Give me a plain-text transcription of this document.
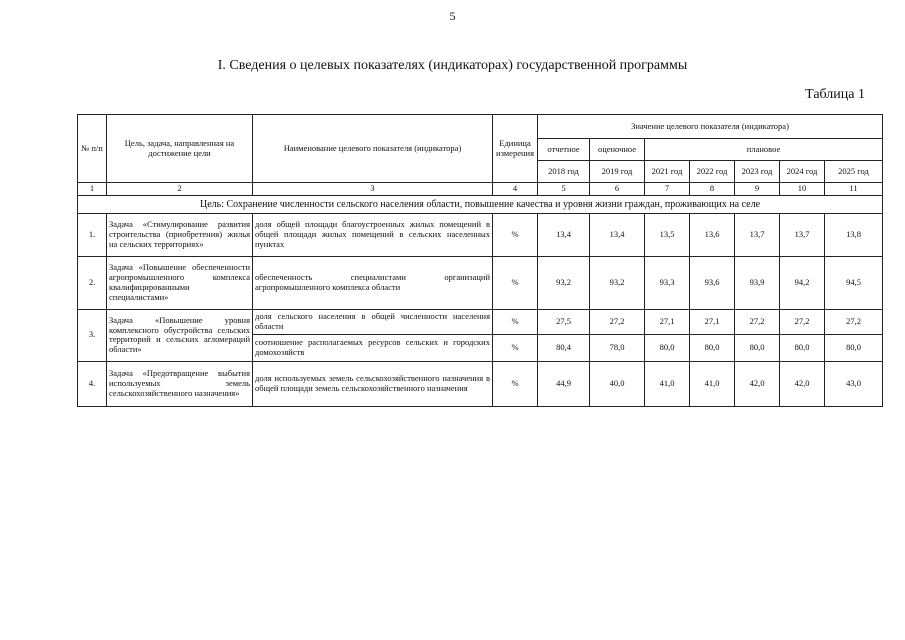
5
I. Сведения о целевых показателях (индикаторах) государственной программы
Таблица 1
№ п/п	Цель, задача, направленная на достижение цели	Наименование целевого показателя (индикатора)	Единица измерения	Значение целевого показателя (индикатора)						
				отчетное	оценочное	плановое				
				2018 год	2019 год	2021 год	2022 год	2023 год	2024 год	2025 год
1	2	3	4	5	6	7	8	9	10	11
Цель: Сохранение численности сельского населения области, повышение качества и уровня жизни граждан, проживающих на селе										
1.	Задача «Стимулирование развития строительства (приобретения) жилья на сельских территориях»	доля общей площади благоустроенных жилых помещений в общей площади жилых помещений в сельских населенных пунктах	%	13,4	13,4	13,5	13,6	13,7	13,7	13,8
2.	Задача «Повышение обеспеченности агропромышленного комплекса квалифицированными специалистами»	обеспеченность специалистами организаций агропромышленного комплекса области	%	93,2	93,2	93,3	93,6	93,9	94,2	94,5
3.	Задача «Повышение уровня комплексного обустройства сельских территорий и сельских агломераций области»	доля сельского населения в общей численности населения области	%	27,5	27,2	27,1	27,1	27,2	27,2	27,2
		соотношение располагаемых ресурсов сельских и городских домохозяйств	%	80,4	78,0	80,0	80,0	80,0	80,0	80,0
4.	Задача «Предотвращение выбытия используемых земель сельскохозяйственного назначения»	доля используемых земель сельскохозяйственного назначения в общей площади земель сельскохозяйственного назначения	%	44,9	40,0	41,0	41,0	42,0	42,0	43,0
